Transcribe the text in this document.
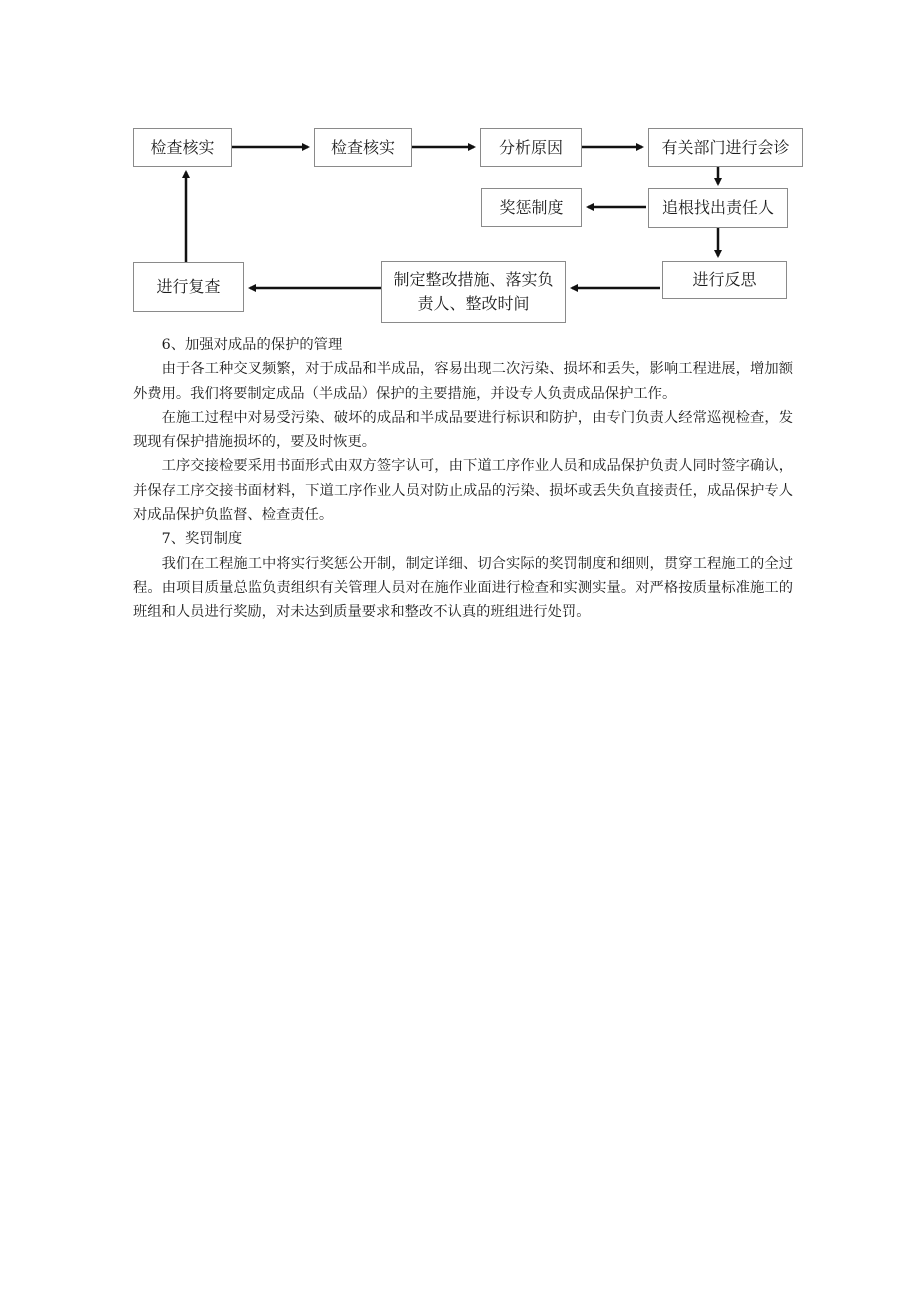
检查核实	检查核实	分析原因	有关部门进行会诊
奖惩制度	追根找出责任人
进行复查	制定整改措施、落实负
责人、整改时间
进行反思

6、加强对成品的保护的管理

由于各工种交叉频繁，对于成品和半成品，容易出现二次污染、损坏和丢失，影响工程进展，增加额外费用。我们将要制定成品（半成品）保护的主要措施，并设专人负责成品保护工作。

在施工过程中对易受污染、破坏的成品和半成品要进行标识和防护，由专门负责人经常巡视检查，发现现有保护措施损坏的，要及时恢更。

工序交接检要采用书面形式由双方签字认可，由下道工序作业人员和成品保护负责人同时签字确认，并保存工序交接书面材料，下道工序作业人员对防止成品的污染、损坏或丢失负直接责任，成品保护专人对成品保护负监督、检查责任。

7、奖罚制度

我们在工程施工中将实行奖惩公开制，制定详细、切合实际的奖罚制度和细则，贯穿工程施工的全过程。由项目质量总监负责组织有关管理人员对在施作业面进行检查和实测实量。对严格按质量标准施工的班组和人员进行奖励，对未达到质量要求和整改不认真的班组进行处罚。
